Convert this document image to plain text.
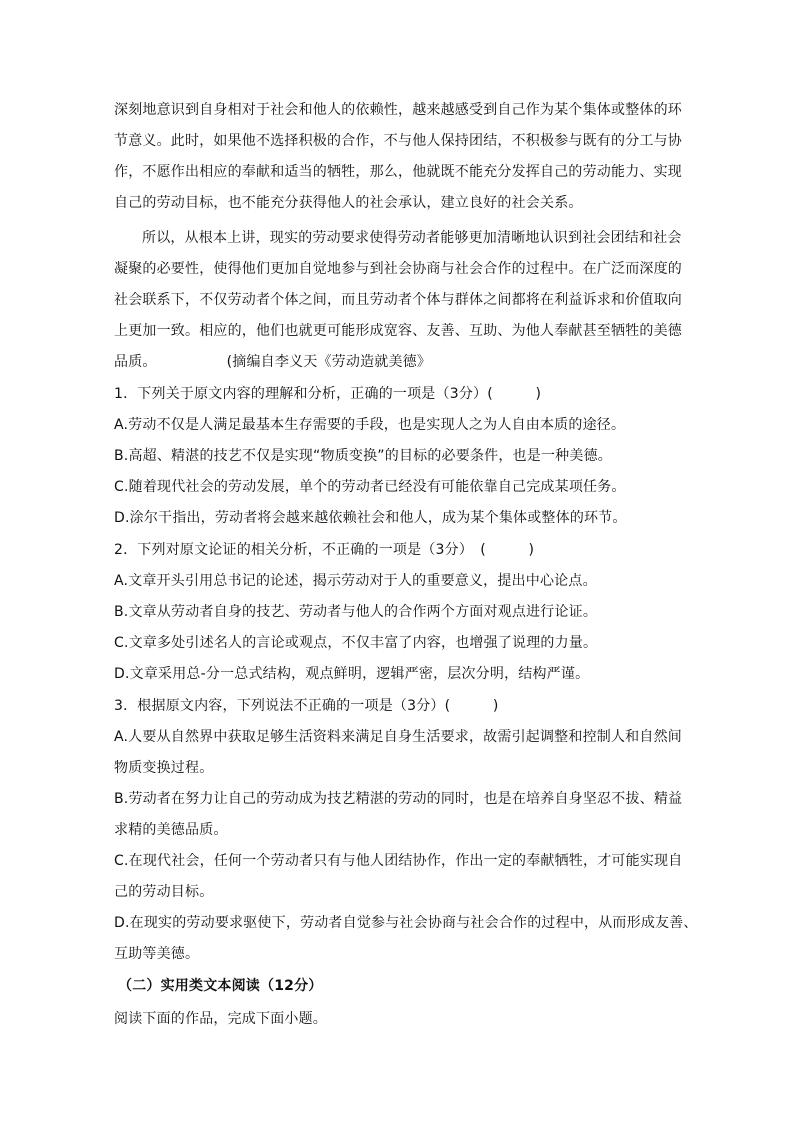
深刻地意识到自身相对于社会和他人的依赖性，越来越感受到自己作为某个集体或整体的环
节意义。此时，如果他不选择积极的合作，不与他人保持团结，不积极参与既有的分工与协
作，不愿作出相应的奉献和适当的牺牲，那么，他就既不能充分发挥自己的劳动能力、实现
自己的劳动目标，也不能充分获得他人的社会承认，建立良好的社会关系。
所以，从根本上讲，现实的劳动要求使得劳动者能够更加清晰地认识到社会团结和社会
凝聚的必要性，使得他们更加自觉地参与到社会协商与社会合作的过程中。在广泛而深度的
社会联系下，不仅劳动者个体之间，而且劳动者个体与群体之间都将在利益诉求和价值取向
上更加一致。相应的，他们也就更可能形成宽容、友善、互助、为他人奉献甚至牺牲的美德
品质。	(摘编自李义天《劳动造就美德》
1．下列关于原文内容的理解和分析，正确的一项是（3分）(　　　)
A.劳动不仅是人满足最基本生存需要的手段，也是实现人之为人自由本质的途径。
B.高超、精湛的技艺不仅是实现“物质变换”的目标的必要条件，也是一种美德。
C.随着现代社会的劳动发展，单个的劳动者已经没有可能依靠自己完成某项任务。
D.涂尔干指出，劳动者将会越来越依赖社会和他人，成为某个集体或整体的环节。
2．下列对原文论证的相关分析，不正确的一项是（3分）　(　　　)
A.文章开头引用总书记的论述，揭示劳动对于人的重要意义，提出中心论点。
B.文章从劳动者自身的技艺、劳动者与他人的合作两个方面对观点进行论证。
C.文章多处引述名人的言论或观点，不仅丰富了内容，也增强了说理的力量。
D.文章采用总-分一总式结构，观点鲜明，逻辑严密，层次分明，结构严谨。
3．根据原文内容，下列说法不正确的一项是（3分）(　　　)
A.人要从自然界中获取足够生活资料来满足自身生活要求，故需引起调整和控制人和自然间
物质变换过程。
B.劳动者在努力让自己的劳动成为技艺精湛的劳动的同时，也是在培养自身坚忍不拔、精益
求精的美德品质。
C.在现代社会，任何一个劳动者只有与他人团结协作，作出一定的奉献牺牲，才可能实现自
己的劳动目标。
D.在现实的劳动要求驱使下，劳动者自觉参与社会协商与社会合作的过程中，从而形成友善、
互助等美德。
（二）实用类文本阅读（12分）
阅读下面的作品，完成下面小题。
